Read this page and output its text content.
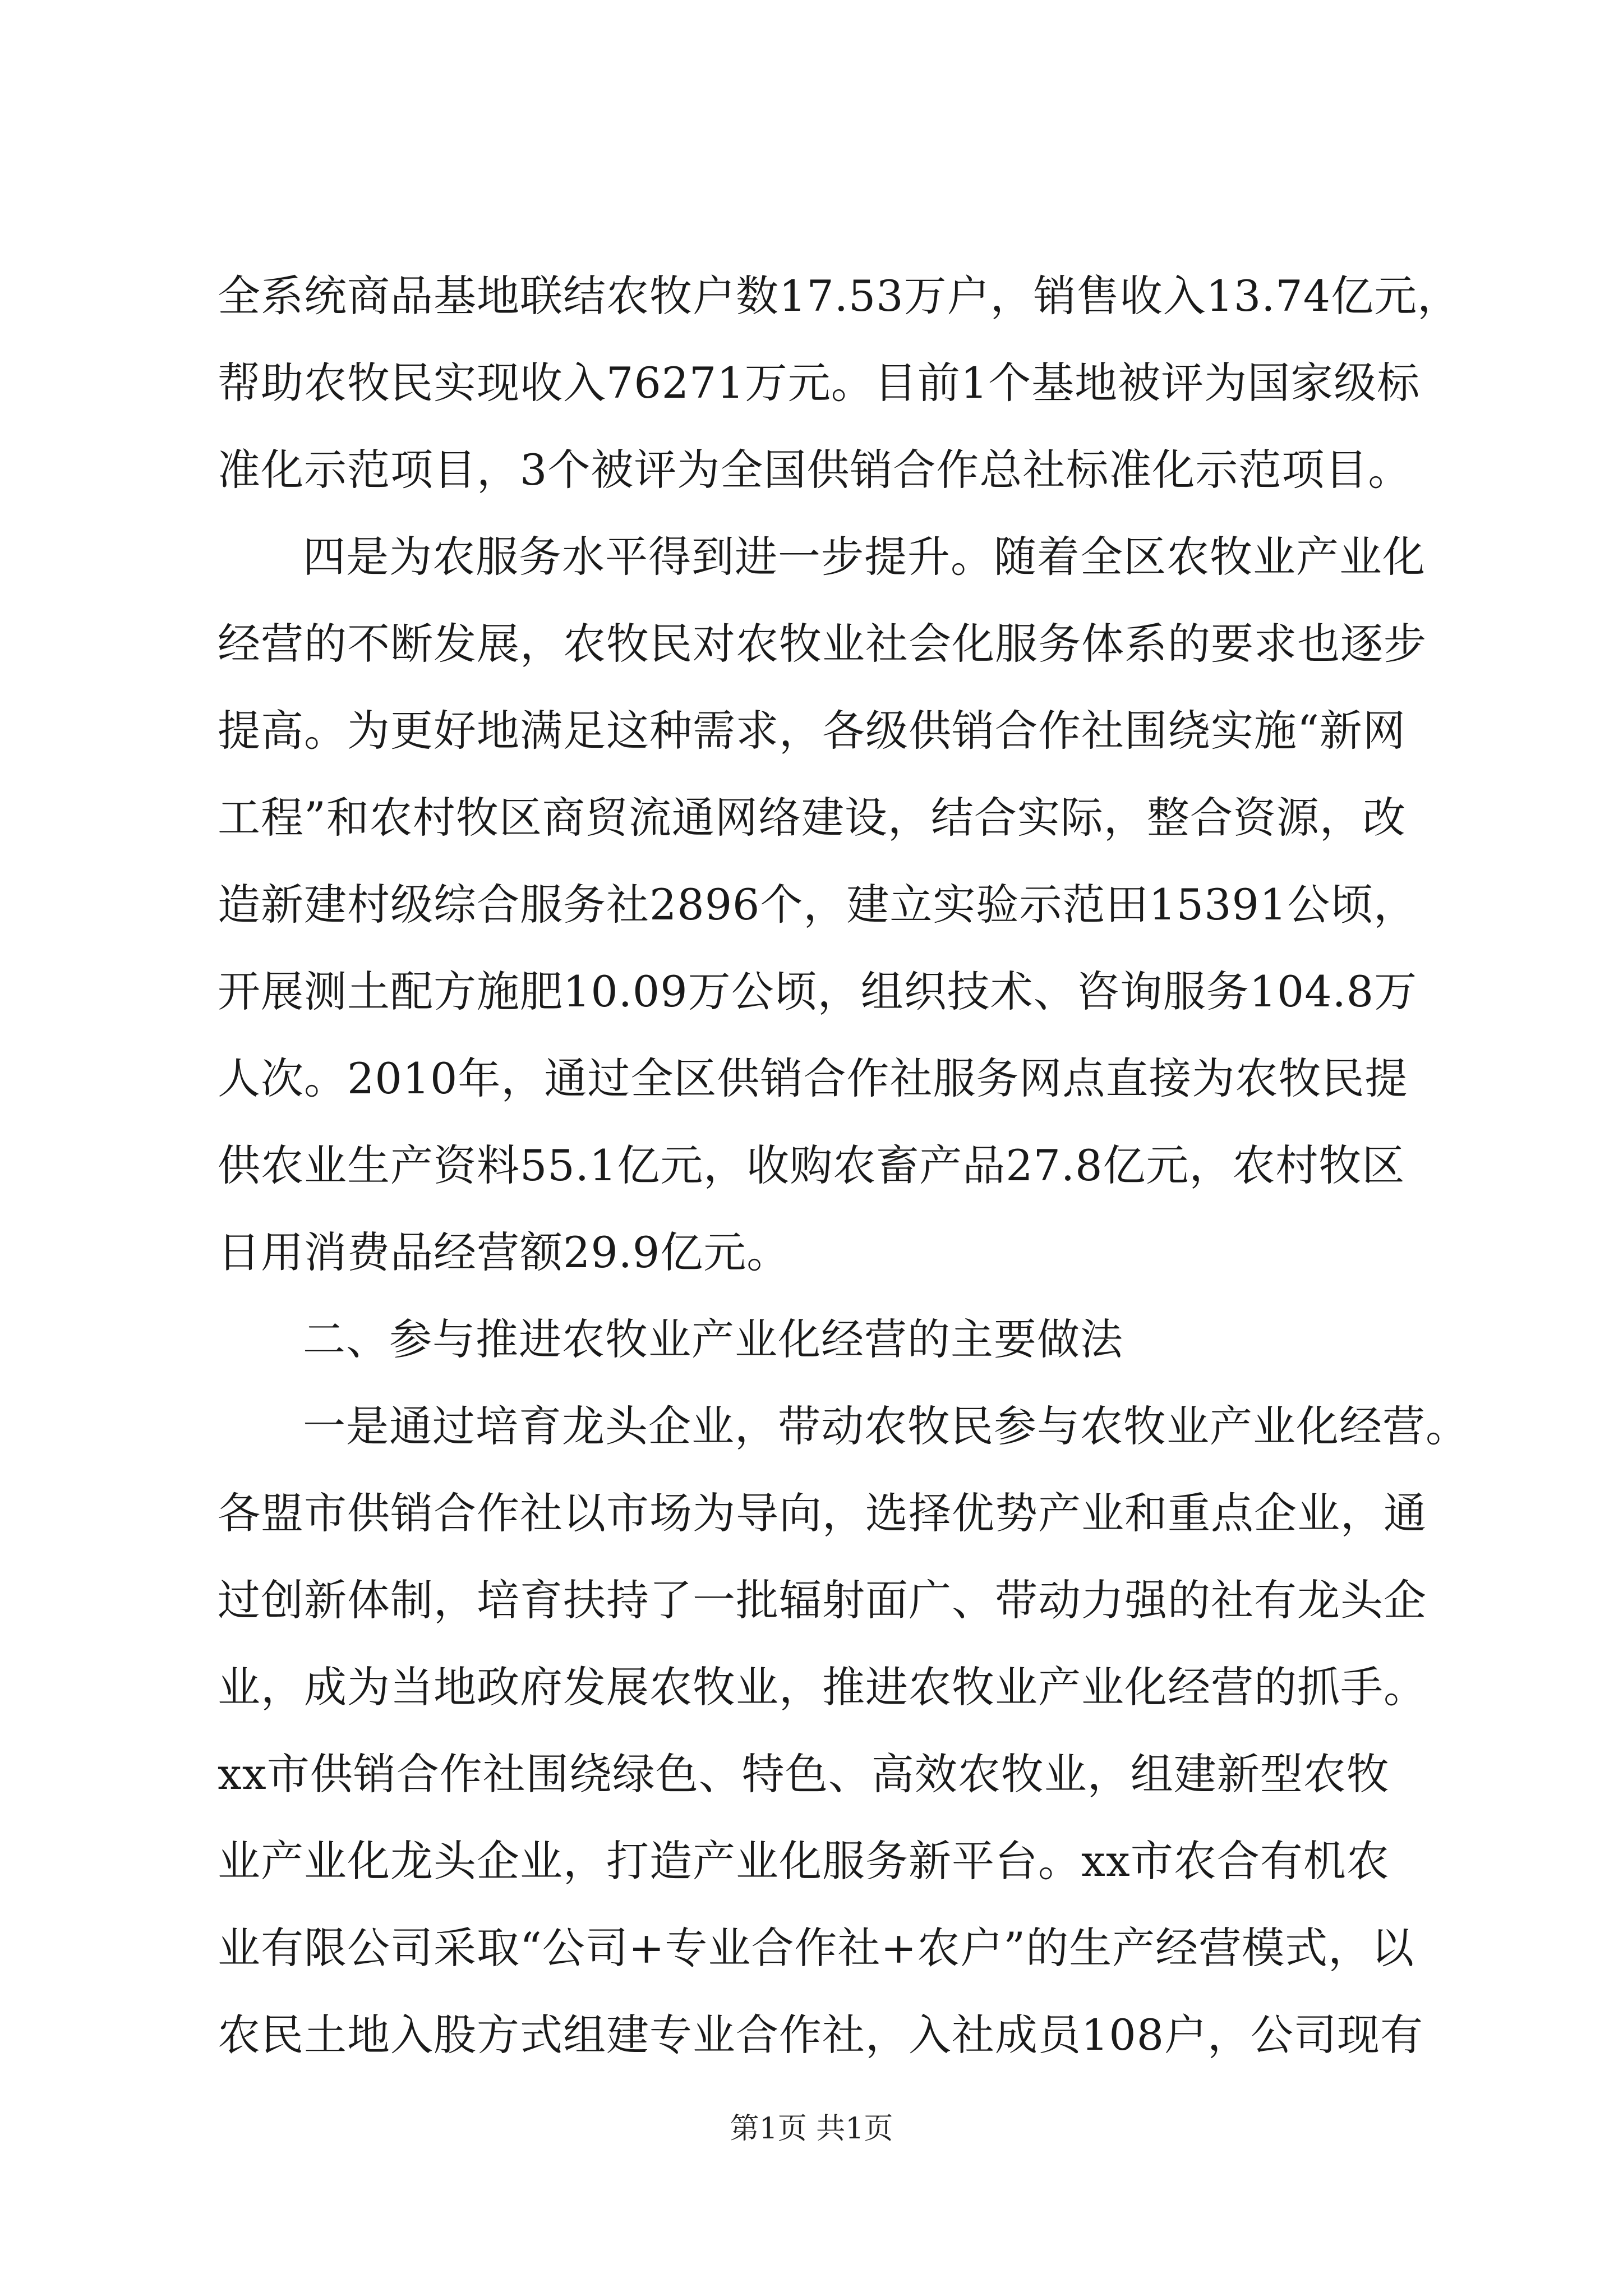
全系统商品基地联结农牧户数17.53万户，销售收入13.74亿元，
帮助农牧民实现收入76271万元。目前1个基地被评为国家级标
准化示范项目，3个被评为全国供销合作总社标准化示范项目。
四是为农服务水平得到进一步提升。随着全区农牧业产业化
经营的不断发展，农牧民对农牧业社会化服务体系的要求也逐步
提高。为更好地满足这种需求，各级供销合作社围绕实施“新网
工程”和农村牧区商贸流通网络建设，结合实际，整合资源，改
造新建村级综合服务社2896个，建立实验示范田15391公顷，
开展测土配方施肥10.09万公顷，组织技术、咨询服务104.8万
人次。2010年，通过全区供销合作社服务网点直接为农牧民提
供农业生产资料55.1亿元，收购农畜产品27.8亿元，农村牧区
日用消费品经营额29.9亿元。
二、参与推进农牧业产业化经营的主要做法
一是通过培育龙头企业，带动农牧民参与农牧业产业化经营。
各盟市供销合作社以市场为导向，选择优势产业和重点企业，通
过创新体制，培育扶持了一批辐射面广、带动力强的社有龙头企
业，成为当地政府发展农牧业，推进农牧业产业化经营的抓手。
xx市供销合作社围绕绿色、特色、高效农牧业，组建新型农牧
业产业化龙头企业，打造产业化服务新平台。xx市农合有机农
业有限公司采取“公司+专业合作社+农户”的生产经营模式，以
农民土地入股方式组建专业合作社，入社成员108户，公司现有
第1页 共1页
